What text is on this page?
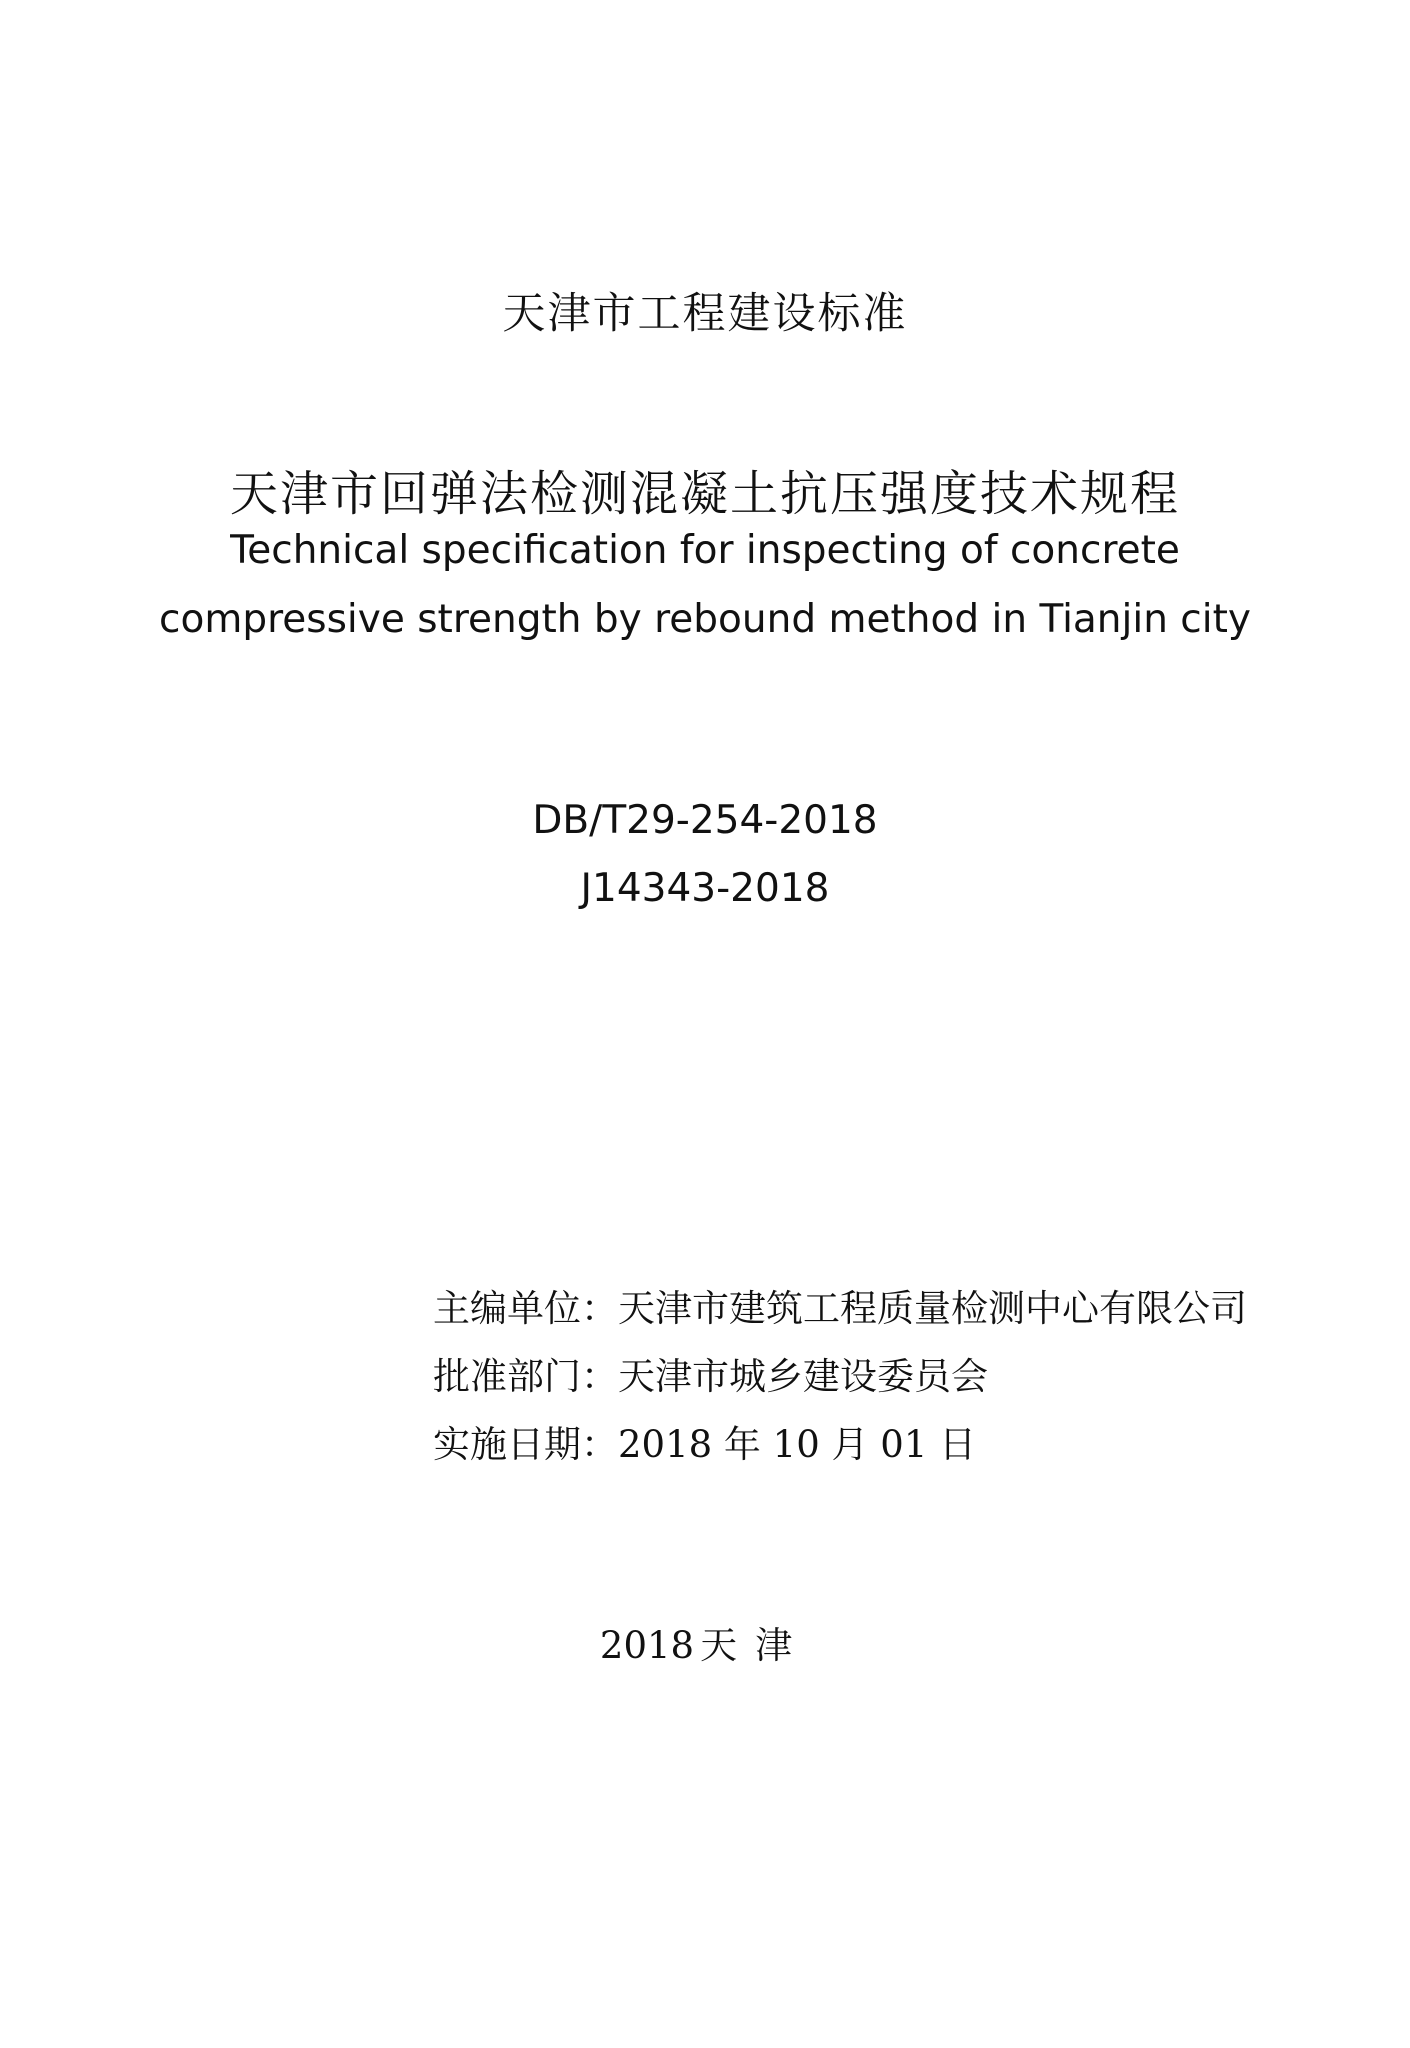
天津市工程建设标准
天津市回弹法检测混凝土抗压强度技术规程
Technical specification for inspecting of concrete
compressive strength by rebound method in Tianjin city
DB/T29-254-2018
J14343-2018
主编单位：天津市建筑工程质量检测中心有限公司
批准部门：天津市城乡建设委员会
实施日期：2018 年 10 月 01 日
2018 天津
